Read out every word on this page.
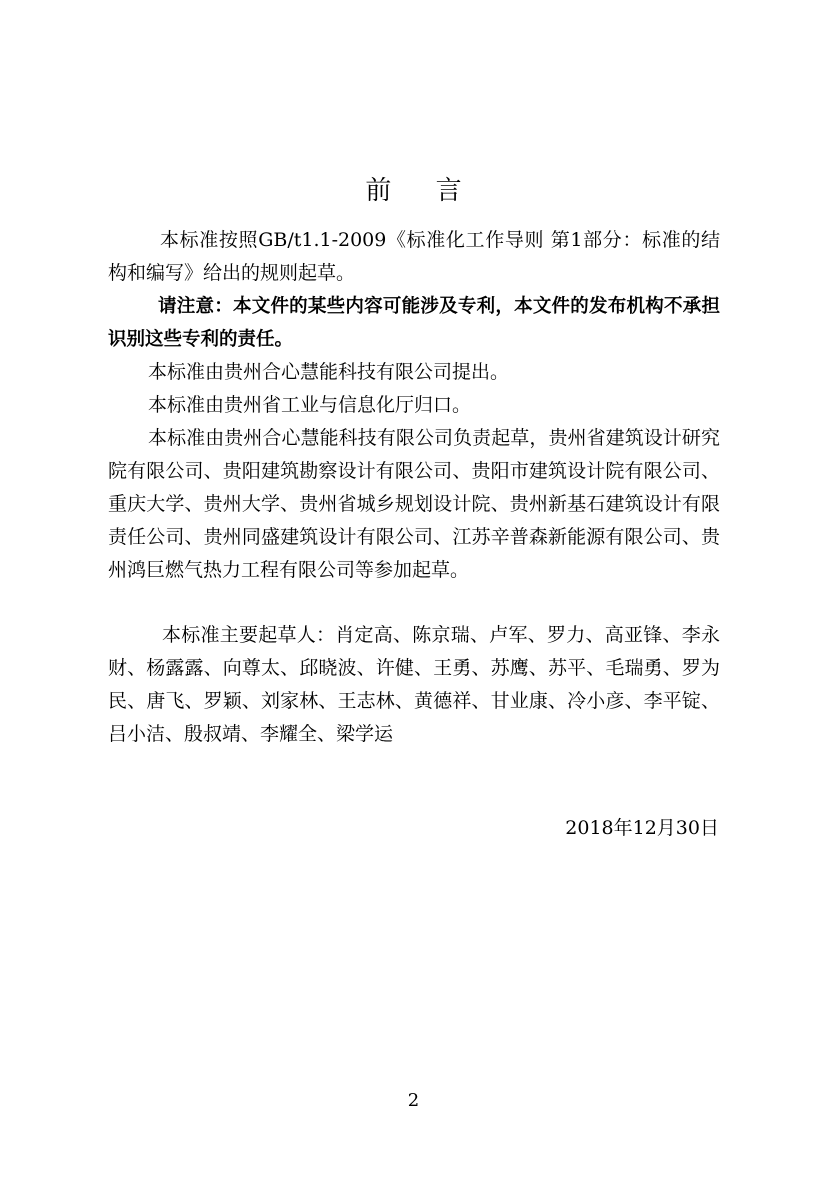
前 言

本标准按照GB/t1.1-2009《标准化工作导则 第1部分：标准的结构和编写》给出的规则起草。

请注意：本文件的某些内容可能涉及专利，本文件的发布机构不承担识别这些专利的责任。

本标准由贵州合心慧能科技有限公司提出。

本标准由贵州省工业与信息化厅归口。

本标准由贵州合心慧能科技有限公司负责起草，贵州省建筑设计研究院有限公司、贵阳建筑勘察设计有限公司、贵阳市建筑设计院有限公司、重庆大学、贵州大学、贵州省城乡规划设计院、贵州新基石建筑设计有限责任公司、贵州同盛建筑设计有限公司、江苏辛普森新能源有限公司、贵州鸿巨燃气热力工程有限公司等参加起草。

本标准主要起草人：肖定高、陈京瑞、卢军、罗力、高亚锋、李永财、杨露露、向尊太、邱晓波、许健、王勇、苏鹰、苏平、毛瑞勇、罗为民、唐飞、罗颖、刘家林、王志林、黄德祥、甘业康、冷小彦、李平锭、吕小洁、殷叔靖、李耀全、梁学运

2018年12月30日
2
